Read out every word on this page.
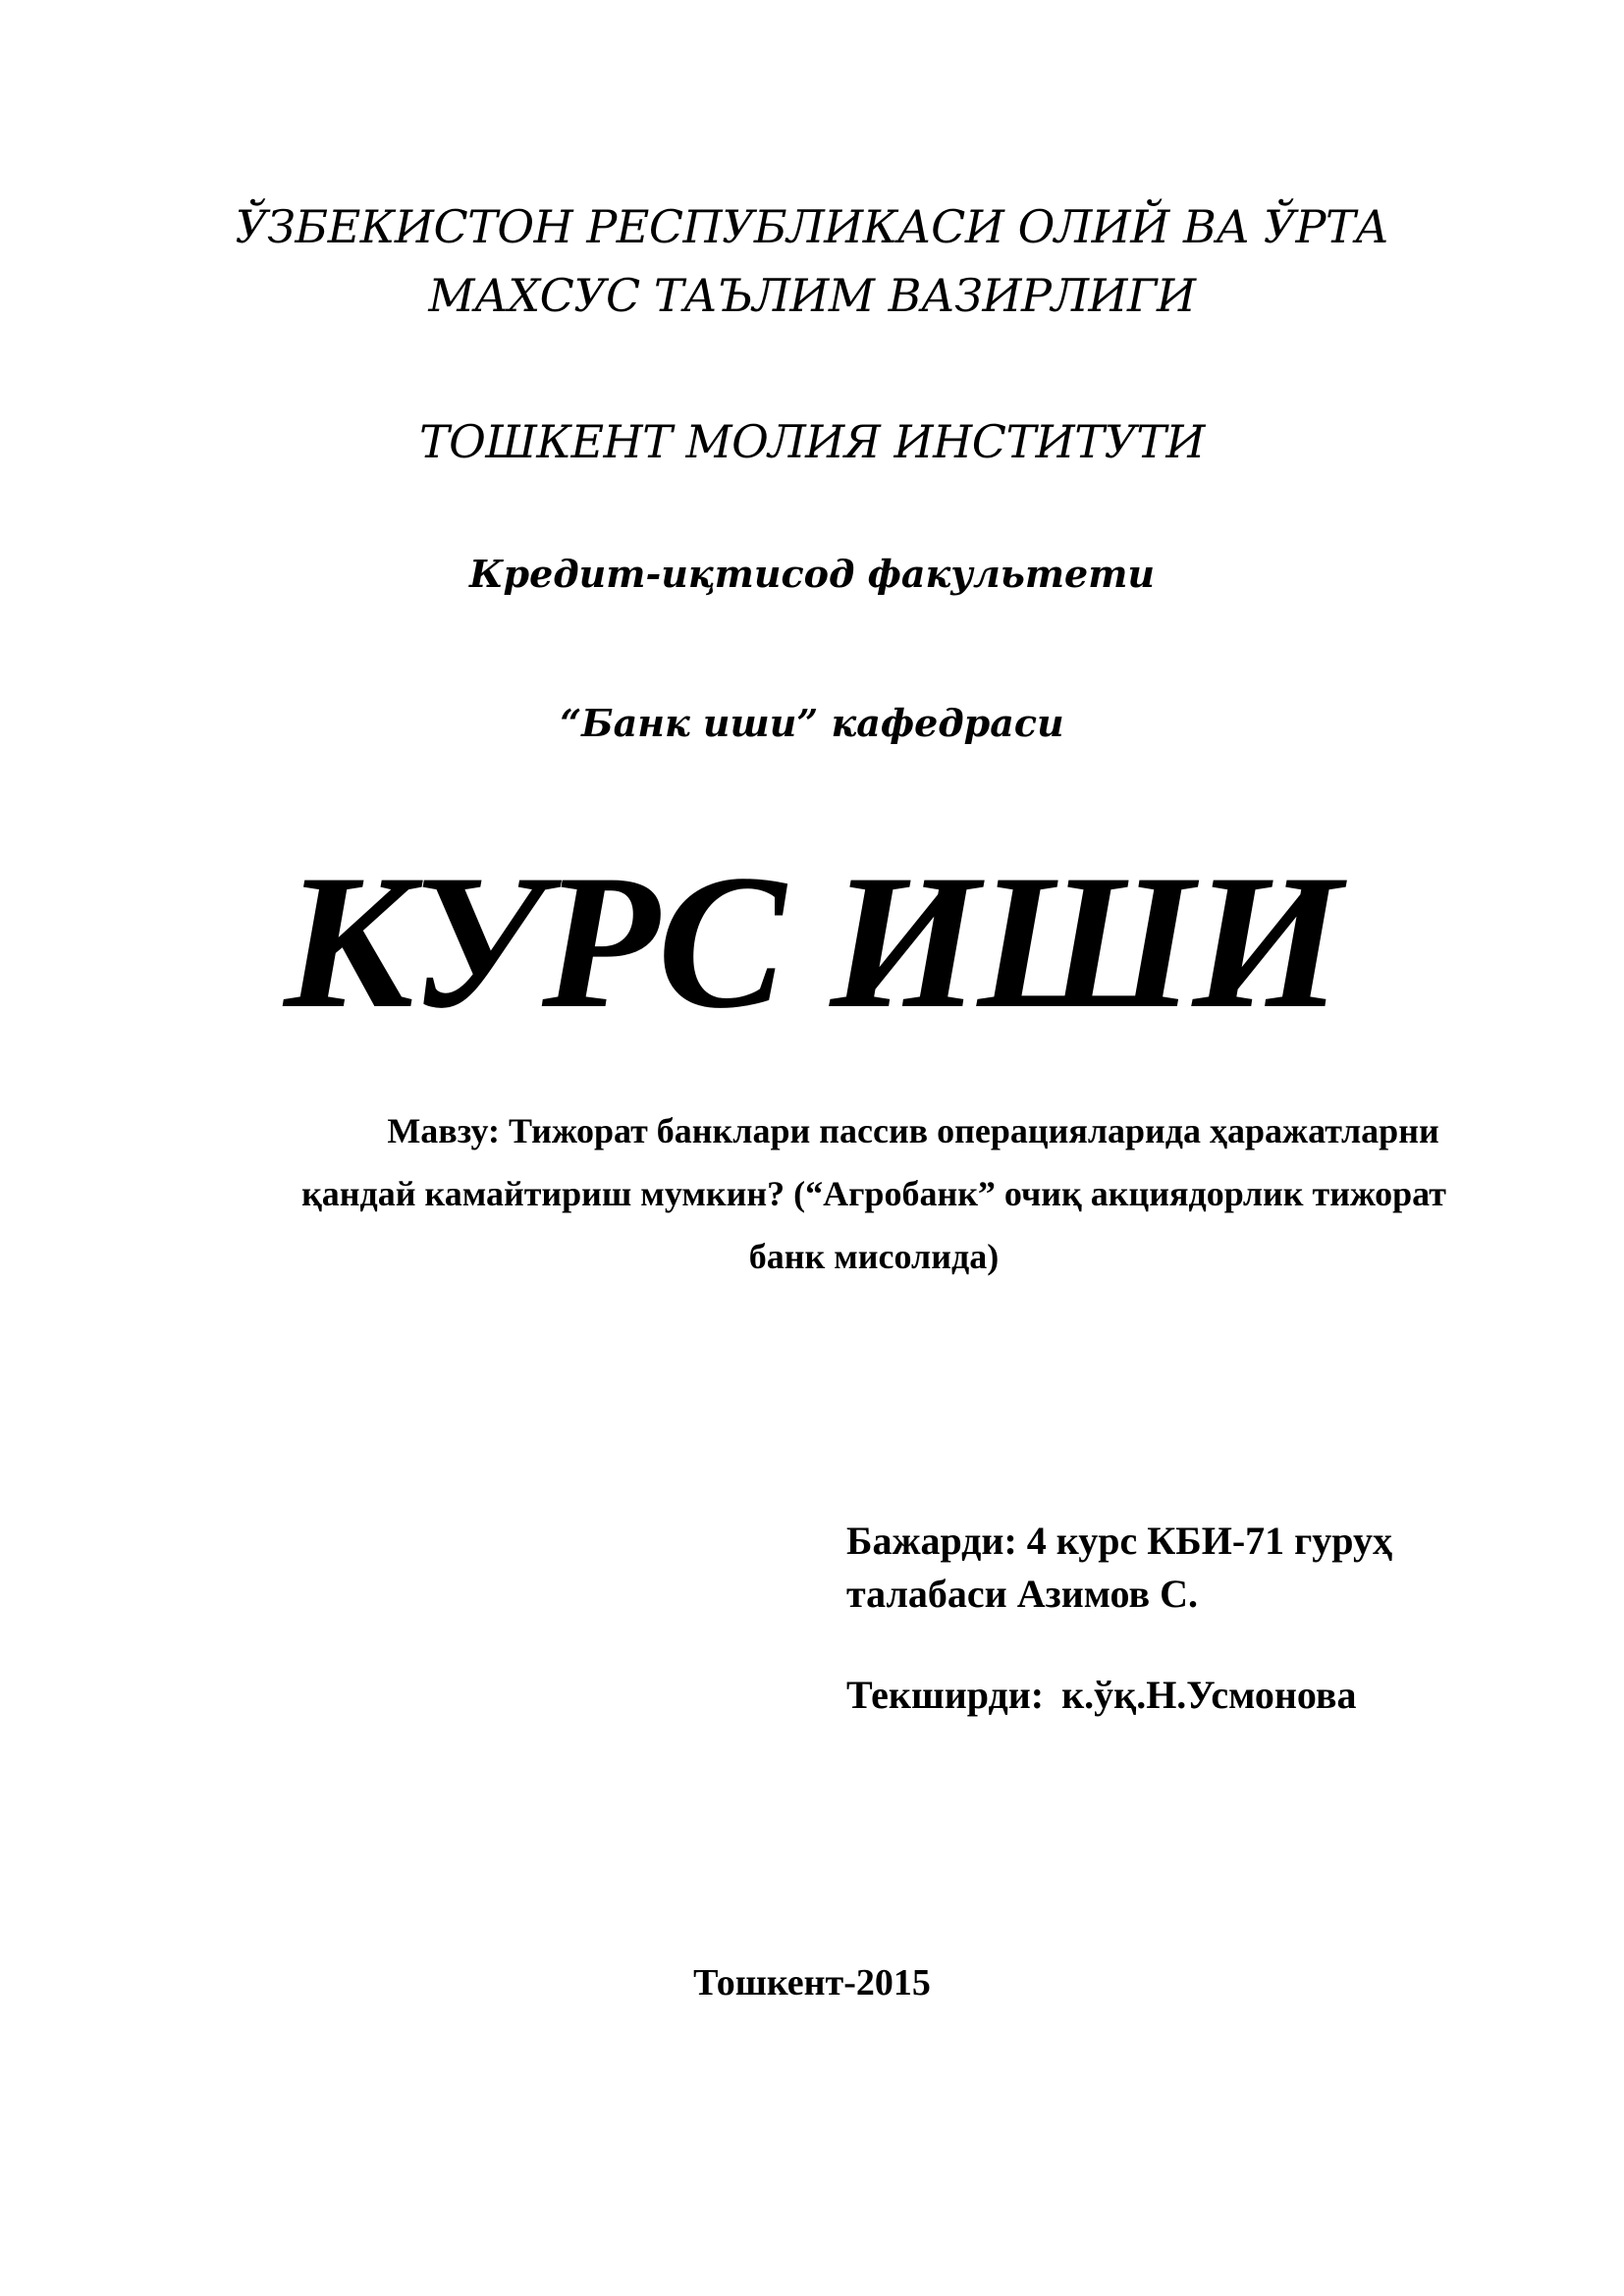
ЎЗБЕКИСТОН РЕСПУБЛИКАСИ ОЛИЙ ВА ЎРТА
МАХСУС ТАЪЛИМ ВАЗИРЛИГИ
ТОШКЕНТ МОЛИЯ ИНСТИТУТИ
Кредит-иқтисод факультети
“Банк иши” кафедраси
КУРС ИШИ
Мавзу: Тижорат банклари пассив операцияларида ҳаражатларни
қандай камайтириш мумкин? (“Агробанк” очиқ акциядорлик тижорат
банк мисолида)
Бажарди: 4 курс КБИ-71 гуруҳ
талабаси Азимов С.
Текширди: к.ўқ.Н.Усмонова
Тошкент-2015
